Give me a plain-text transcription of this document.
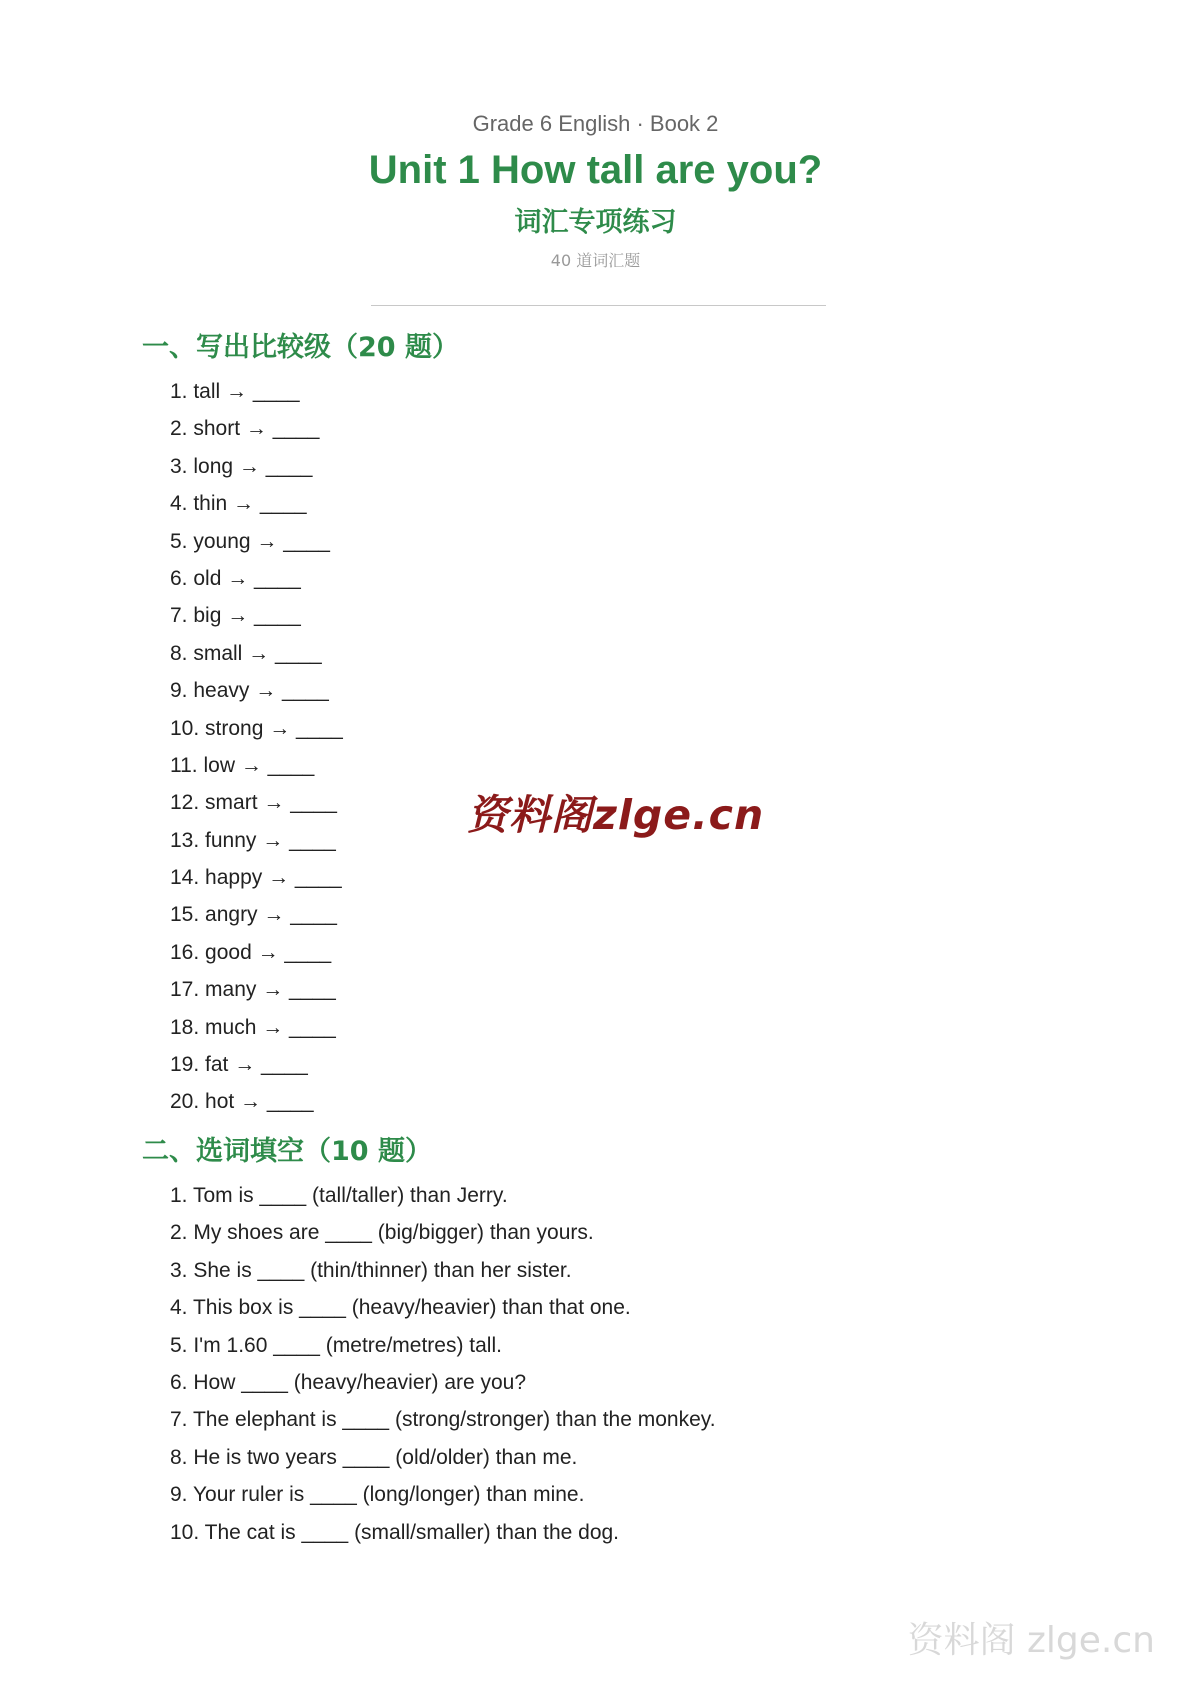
Grade 6 English · Book 2

Unit 1 How tall are you?
词汇专项练习

40 道词汇题

一、写出比较级（20 题）
1. tall → ____
2. short → ____
3. long → ____
4. thin → ____
5. young → ____
6. old → ____
7. big → ____
8. small → ____
9. heavy → ____
10. strong → ____
11. low → ____
12. smart → ____
13. funny → ____
14. happy → ____
15. angry → ____
16. good → ____
17. many → ____
18. much → ____
19. fat → ____
20. hot → ____
二、选词填空（10 题）
1. Tom is ____ (tall/taller) than Jerry.
2. My shoes are ____ (big/bigger) than yours.
3. She is ____ (thin/thinner) than her sister.
4. This box is ____ (heavy/heavier) than that one.
5. I'm 1.60 ____ (metre/metres) tall.
6. How ____ (heavy/heavier) are you?
7. The elephant is ____ (strong/stronger) than the monkey.
8. He is two years ____ (old/older) than me.
9. Your ruler is ____ (long/longer) than mine.
10. The cat is ____ (small/smaller) than the dog.
资料阁zlge.cn
资料阁 zlge.cn
